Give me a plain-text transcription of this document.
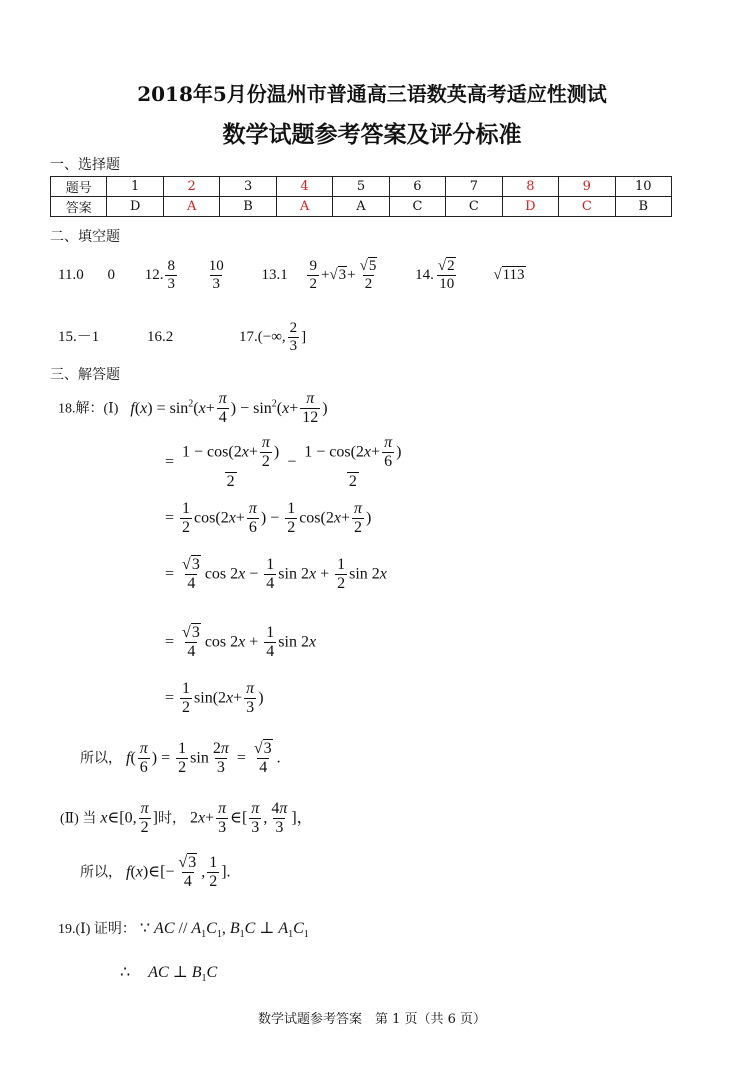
2018年5月份温州市普通高三语数英高考适应性测试
数学试题参考答案及评分标准
一、选择题
题号	1	2	3	4	5	6	7	8	9	10
答案	D	A	B	A	A	C	C	D	C	B
二、填空题
11.0 0 12. $\frac{8}{3}$
$\frac{10}{3} 13.1 \frac{9}{2} +√3+ \frac{√5}{2} 14$. $\frac{√2}{10} √113$
15.－1	16.2	17.(−∞, $\frac{2}{3}$ ]
三、解答题
18.解：(Ⅰ) $f(x) = \sin^2(x+ \frac{\pi}{4}$ ) − $\sin^2(x+ \frac{\pi}{12}$ )
= $\frac{1 - \cos(2x+ \frac{\pi}{2} )}{2} - \frac{1 - \cos(2x+ \frac{\pi}{6} )}{2}$
= $\frac{1}{2} \cos(2x+ \frac{\pi}{6}$ ) − $\frac{1}{2} \cos(2x+ \frac{\pi}{2}$ )
= $\frac{√3}{4}$ $\cos 2x - \frac{1}{4}$ $\sin 2x + \frac{1}{2}$ sin 2x
= $\frac{√3}{4}$ $\cos 2x + \frac{1}{4}$ sin 2x
= $\frac{1}{2} \sin(2x+ \frac{\pi}{3}$ )
所以， $f( \frac{\pi}{6}$ ) = $\frac{1}{2}$ $\sin \frac{2\pi}{3} = \frac{√3}{4}$ .
(Ⅱ) 当 x∈[0, $\frac{\pi}{2}$ ]时， $2x+ \frac{\pi}{3}$ ∈[ $\frac{\pi}{3}$ , $\frac{4\pi}{3}$ ]，
所以， f(x)∈[− $\frac{√3}{4}$ , $\frac{1}{2}$ ].
19.(Ⅰ) 证明： ∵ AC // $A_1C_1$, $B_1C$ ⊥ $A_1C_1$
∴ AC ⊥ $B_1C$
数学试题参考答案　第 1 页（共 6 页）
